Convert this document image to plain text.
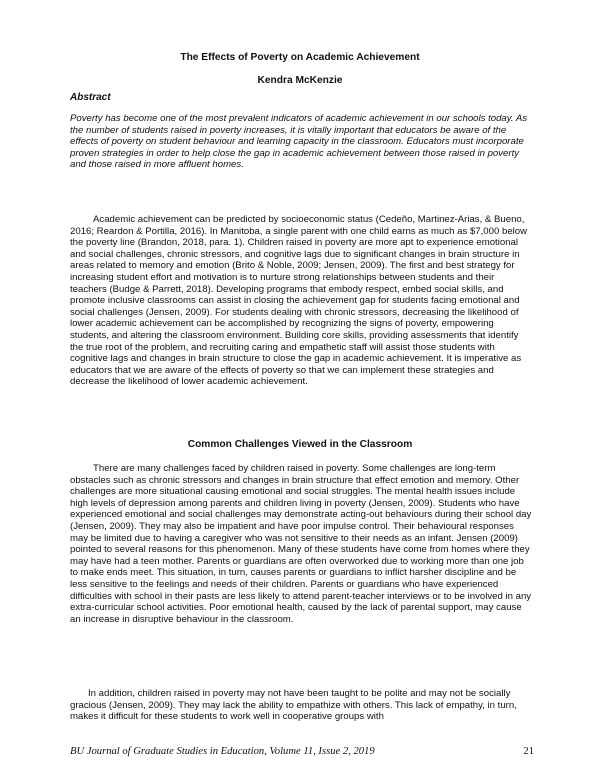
The Effects of Poverty on Academic Achievement
Kendra McKenzie
Abstract

Poverty has become one of the most prevalent indicators of academic achievement in our schools today. As the number of students raised in poverty increases, it is vitally important that educators be aware of the effects of poverty on student behaviour and learning capacity in the classroom. Educators must incorporate proven strategies in order to help close the gap in academic achievement between those raised in poverty and those raised in more affluent homes.

Academic achievement can be predicted by socioeconomic status (Cedeño, Martinez-Arias, & Bueno, 2016; Reardon & Portilla, 2016). In Manitoba, a single parent with one child earns as much as $7,000 below the poverty line (Brandon, 2018, para. 1). Children raised in poverty are more apt to experience emotional and social challenges, chronic stressors, and cognitive lags due to significant changes in brain structure in areas related to memory and emotion (Brito & Noble, 2009; Jensen, 2009). The first and best strategy for increasing student effort and motivation is to nurture strong relationships between students and their teachers (Budge & Parrett, 2018). Developing programs that embody respect, embed social skills, and promote inclusive classrooms can assist in closing the achievement gap for students facing emotional and social challenges (Jensen, 2009). For students dealing with chronic stressors, decreasing the likelihood of lower academic achievement can be accomplished by recognizing the signs of poverty, empowering students, and altering the classroom environment. Building core skills, providing assessments that identify the true root of the problem, and recruiting caring and empathetic staff will assist those students with cognitive lags and changes in brain structure to close the gap in academic achievement. It is imperative as educators that we are aware of the effects of poverty so that we can implement these strategies and decrease the likelihood of lower academic achievement.

Common Challenges Viewed in the Classroom

There are many challenges faced by children raised in poverty. Some challenges are long-term obstacles such as chronic stressors and changes in brain structure that effect emotion and memory. Other challenges are more situational causing emotional and social struggles. The mental health issues include high levels of depression among parents and children living in poverty (Jensen, 2009). Students who have experienced emotional and social challenges may demonstrate acting-out behaviours during their school day (Jensen, 2009). They may also be impatient and have poor impulse control. Their behavioural responses may be limited due to having a caregiver who was not sensitive to their needs as an infant. Jensen (2009) pointed to several reasons for this phenomenon. Many of these students have come from homes where they may have had a teen mother. Parents or guardians are often overworked due to working more than one job to make ends meet. This situation, in turn, causes parents or guardians to inflict harsher discipline and be less sensitive to the feelings and needs of their children. Parents or guardians who have experienced difficulties with school in their pasts are less likely to attend parent-teacher interviews or to be involved in any extra-curricular school activities. Poor emotional health, caused by the lack of parental support, may cause an increase in disruptive behaviour in the classroom.

In addition, children raised in poverty may not have been taught to be polite and may not be socially gracious (Jensen, 2009). They may lack the ability to empathize with others. This lack of empathy, in turn, makes it difficult for these students to work well in cooperative groups with

BU Journal of Graduate Studies in Education, Volume 11, Issue 2, 2019	21
